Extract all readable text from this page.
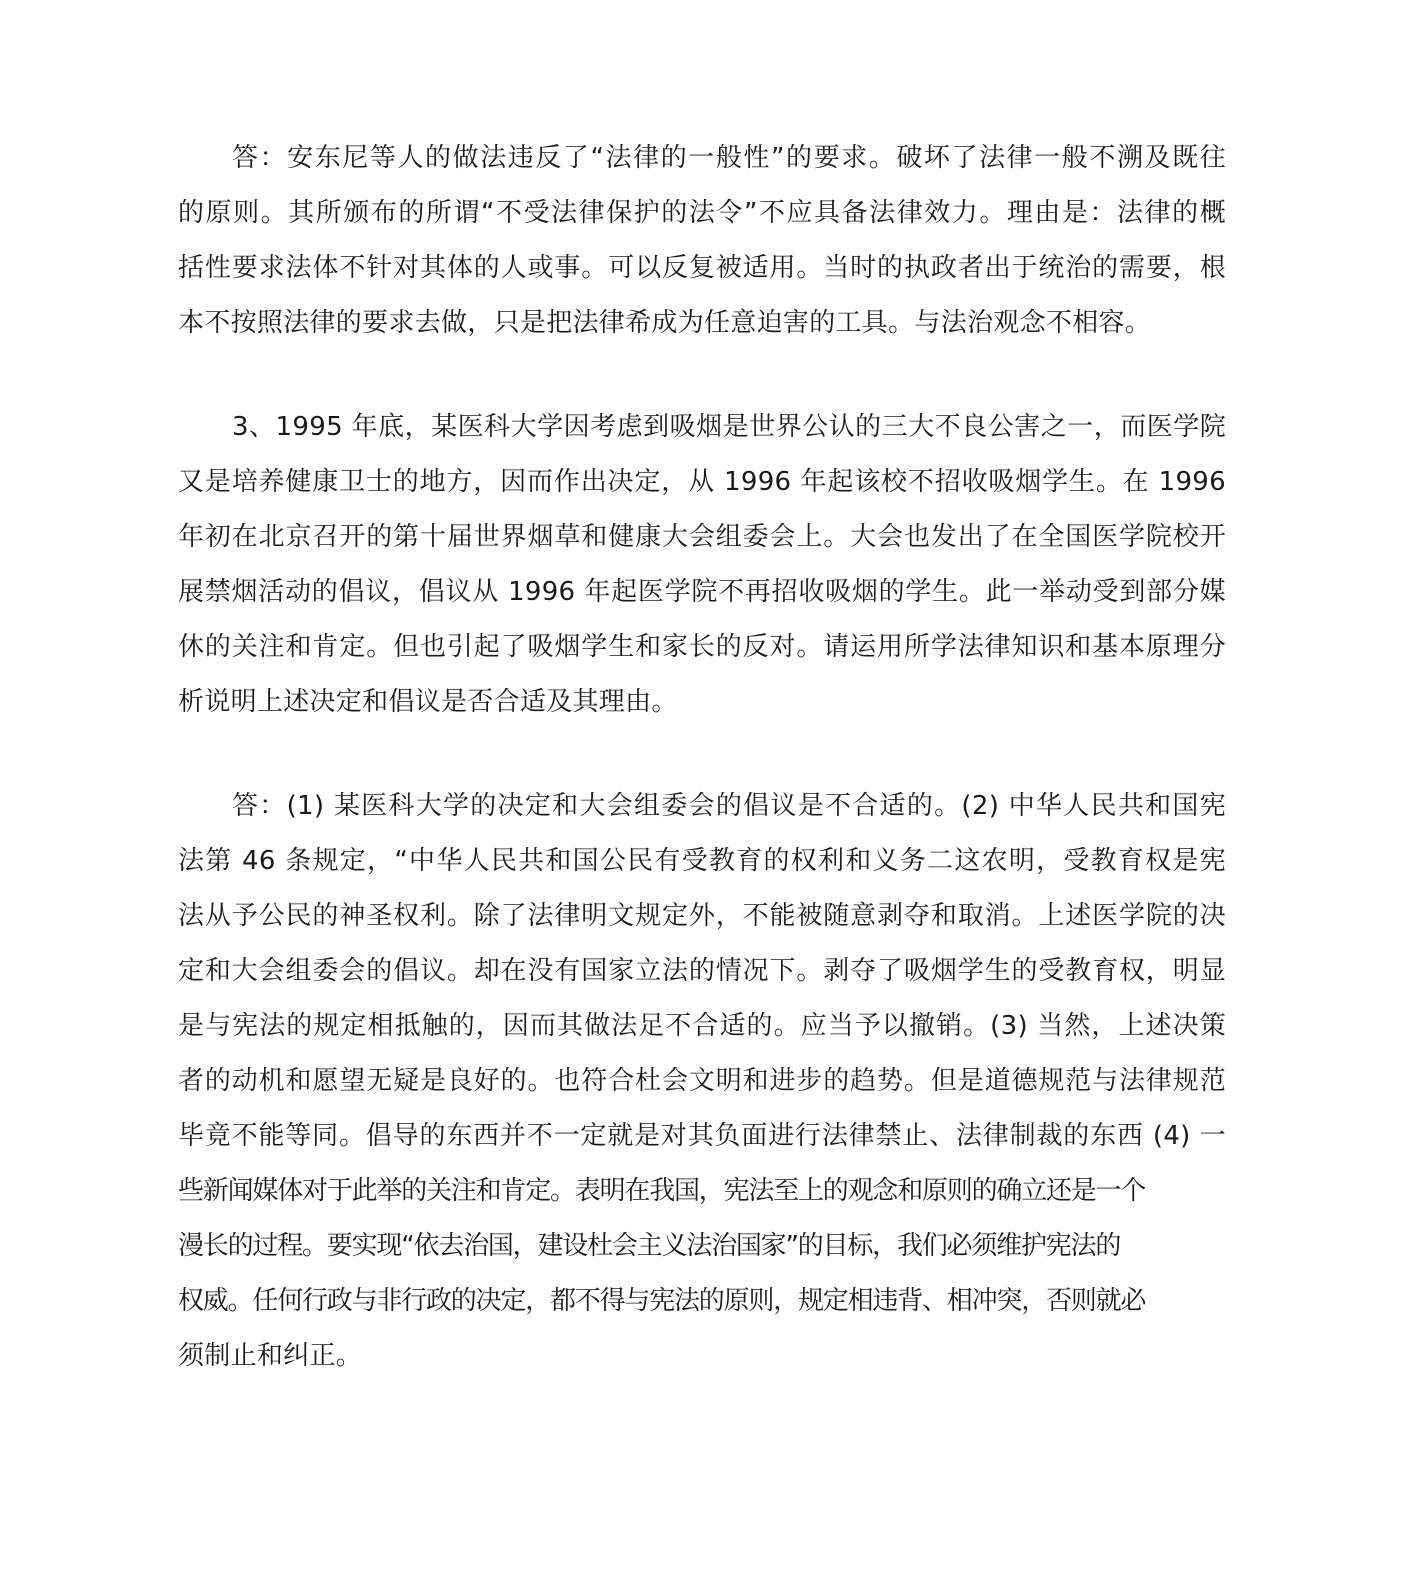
答：安东尼等人的做法违反了“法律的一般性”的要求。破坏了法律一般不溯及既往
的原则。其所颁布的所谓“不受法律保护的法令”不应具备法律效力。理由是：法律的概
括性要求法体不针对其体的人或事。可以反复被适用。当时的执政者出于统治的需要，根
本不按照法律的要求去做，只是把法律希成为任意迫害的工具。与法治观念不相容。
3、1995 年底，某医科大学因考虑到吸烟是世界公认的三大不良公害之一，而医学院
又是培养健康卫士的地方，因而作出决定，从 1996 年起该校不招收吸烟学生。在 1996
年初在北京召开的第十届世界烟草和健康大会组委会上。大会也发出了在全国医学院校开
展禁烟活动的倡议，倡议从 1996 年起医学院不再招收吸烟的学生。此一举动受到部分媒
休的关注和肯定。但也引起了吸烟学生和家长的反对。请运用所学法律知识和基本原理分
析说明上述决定和倡议是否合适及其理由。
答：(1) 某医科大学的决定和大会组委会的倡议是不合适的。(2) 中华人民共和国宪
法第 46 条规定，“中华人民共和国公民有受教育的权利和义务二这农明，受教育权是宪
法从予公民的神圣权利。除了法律明文规定外，不能被随意剥夺和取消。上述医学院的决
定和大会组委会的倡议。却在没有国家立法的情况下。剥夺了吸烟学生的受教育权，明显
是与宪法的规定相抵触的，因而其做法足不合适的。应当予以撤销。(3) 当然，上述决策
者的动机和愿望无疑是良好的。也符合杜会文明和进步的趋势。但是道德规范与法律规范
毕竟不能等同。倡导的东西并不一定就是对其负面进行法律禁止、法律制裁的东西 (4) 一
些新闻媒体对于此举的关注和肯定。表明在我国，宪法至上的观念和原则的确立还是一个
漫长的过程。要实现“依去治国，建设杜会主义法治国家”的目标，我们必须维护宪法的
权威。任何行政与非行政的决定，都不得与宪法的原则，规定相违背、相冲突，否则就必
须制止和纠正。
